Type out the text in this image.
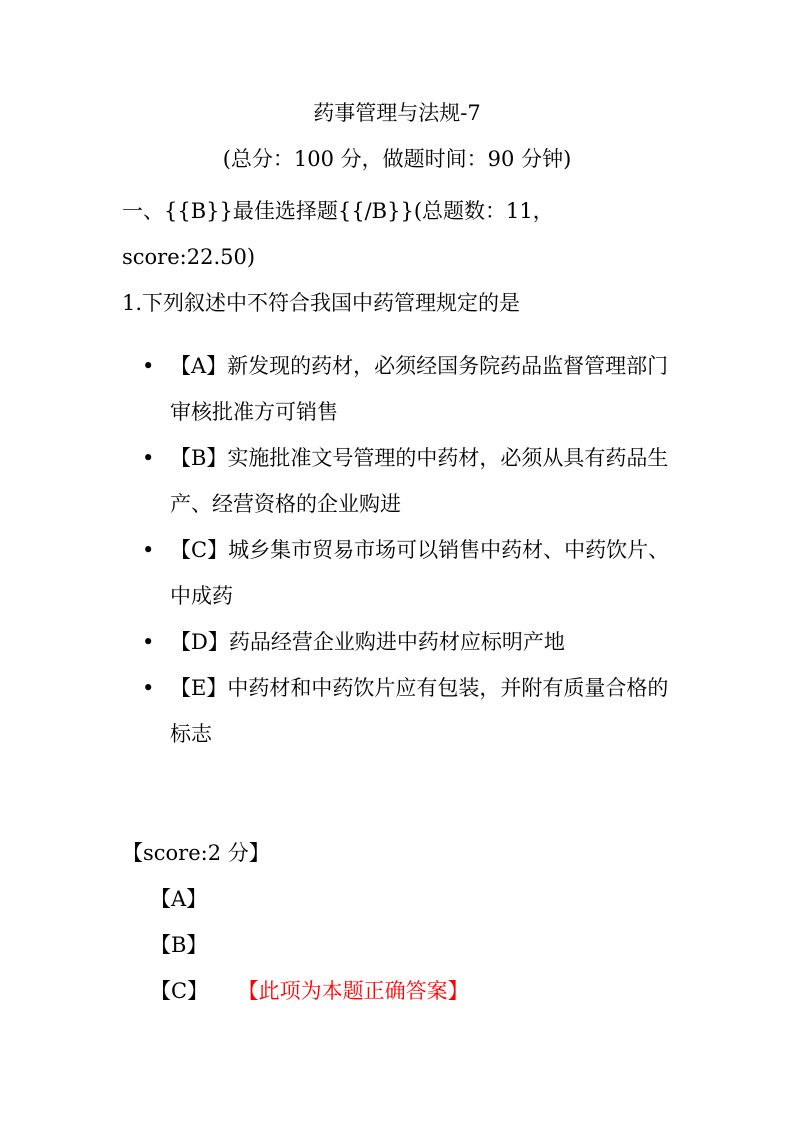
药事管理与法规-7
(总分：100 分，做题时间：90 分钟)
一、{{B}}最佳选择题{{/B}}(总题数：11，score:22.50)
1.下列叙述中不符合我国中药管理规定的是
• 【A】新发现的药材，必须经国务院药品监督管理部门审核批准方可销售
• 【B】实施批准文号管理的中药材，必须从具有药品生产、经营资格的企业购进
• 【C】城乡集市贸易市场可以销售中药材、中药饮片、中成药
• 【D】药品经营企业购进中药材应标明产地
• 【E】中药材和中药饮片应有包装，并附有质量合格的标志
【score:2 分】
【A】
【B】
【C】 【此项为本题正确答案】
